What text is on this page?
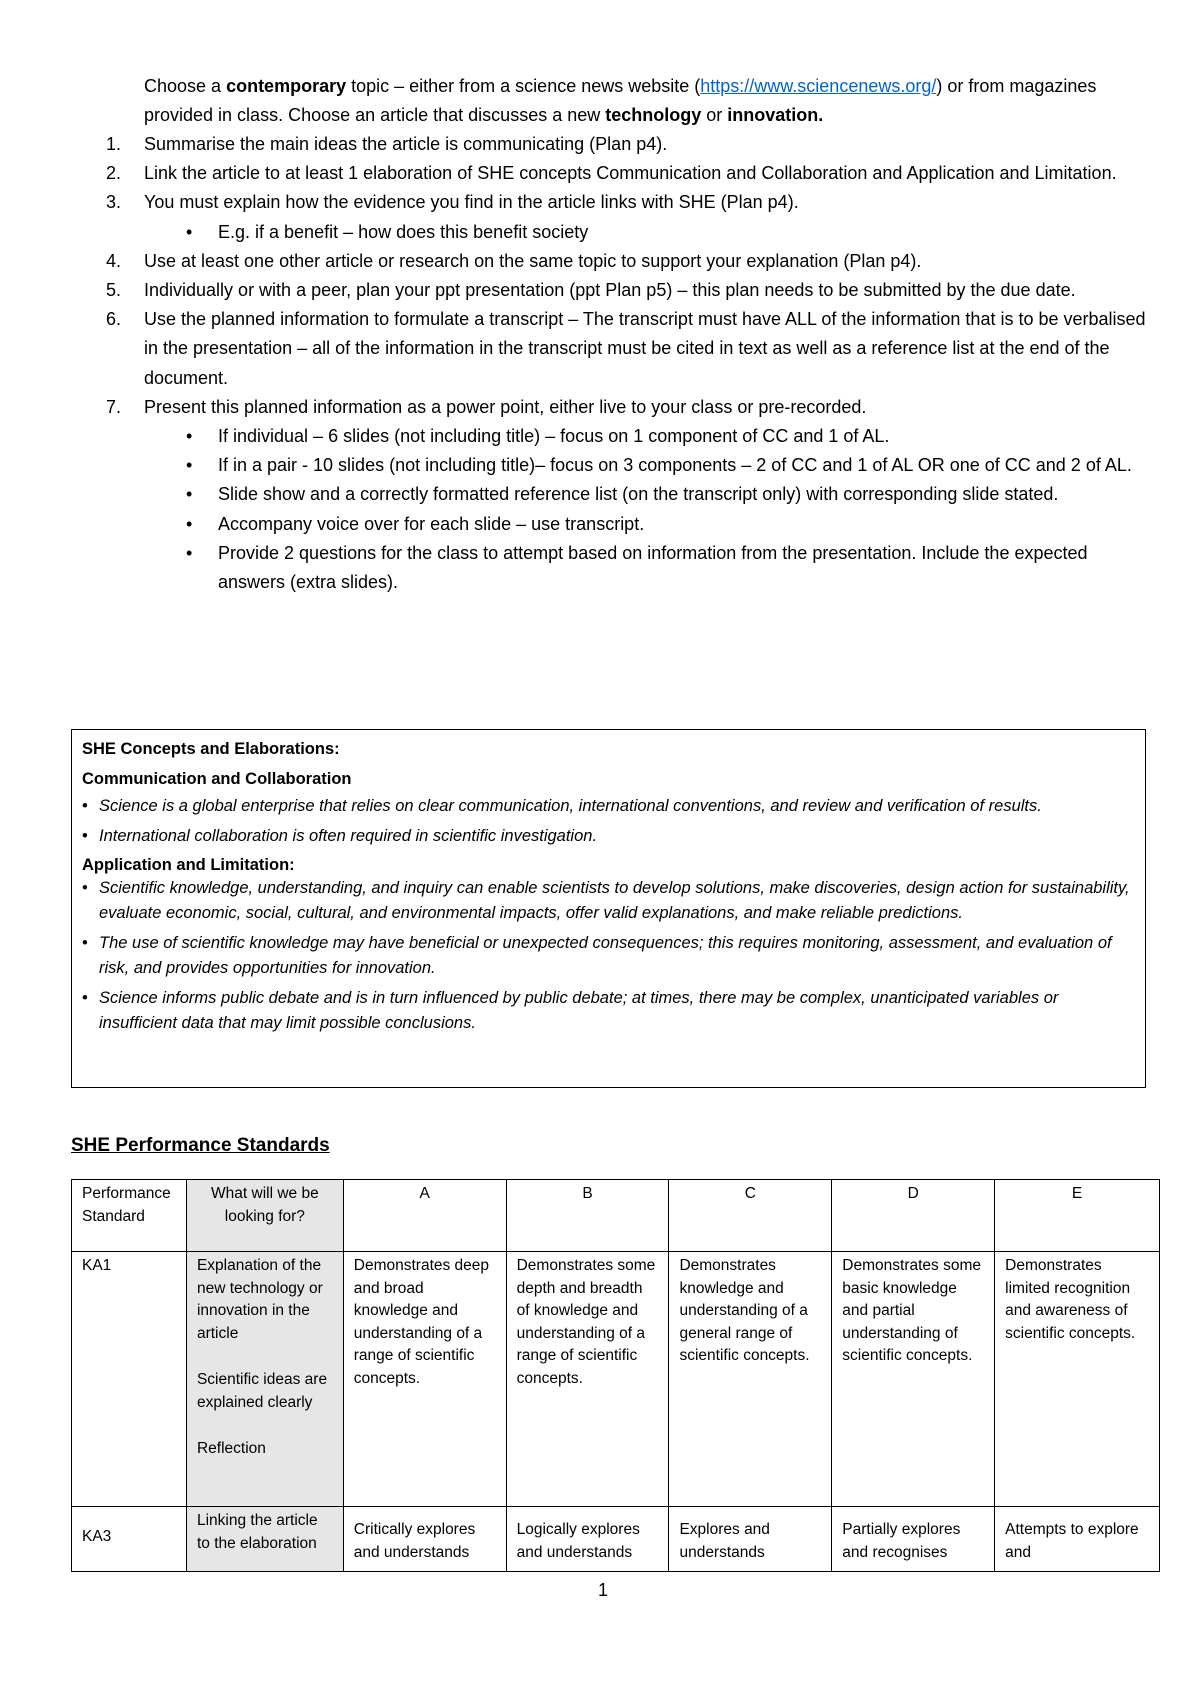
Choose a contemporary topic – either from a science news website (https://www.sciencenews.org/) or from magazines provided in class. Choose an article that discusses a new technology or innovation.
1.	Summarise the main ideas the article is communicating (Plan p4).
2.	Link the article to at least 1 elaboration of SHE concepts Communication and Collaboration and Application and Limitation.
3.	You must explain how the evidence you find in the article links with SHE (Plan p4).
• E.g. if a benefit – how does this benefit society
4.	Use at least one other article or research on the same topic to support your explanation (Plan p4).
5.	Individually or with a peer, plan your ppt presentation (ppt Plan p5) – this plan needs to be submitted by the due date.
6.	Use the planned information to formulate a transcript – The transcript must have ALL of the information that is to be verbalised in the presentation – all of the information in the transcript must be cited in text as well as a reference list at the end of the document.
7.	Present this planned information as a power point, either live to your class or pre-recorded.
• If individual – 6 slides (not including title) – focus on 1 component of CC and 1 of AL.
• If in a pair - 10 slides (not including title)– focus on 3 components – 2 of CC and 1 of AL OR one of CC and 2 of AL.
• Slide show and a correctly formatted reference list (on the transcript only) with corresponding slide stated.
• Accompany voice over for each slide – use transcript.
• Provide 2 questions for the class to attempt based on information from the presentation. Include the expected answers (extra slides).
SHE Concepts and Elaborations:
Communication and Collaboration
• Science is a global enterprise that relies on clear communication, international conventions, and review and verification of results.
• International collaboration is often required in scientific investigation.
Application and Limitation:
• Scientific knowledge, understanding, and inquiry can enable scientists to develop solutions, make discoveries, design action for sustainability, evaluate economic, social, cultural, and environmental impacts, offer valid explanations, and make reliable predictions.
• The use of scientific knowledge may have beneficial or unexpected consequences; this requires monitoring, assessment, and evaluation of risk, and provides opportunities for innovation.
• Science informs public debate and is in turn influenced by public debate; at times, there may be complex, unanticipated variables or insufficient data that may limit possible conclusions.
SHE Performance Standards
Performance Standard	What will we be looking for?	A	B	C	D	E
KA1	Explanation of the new technology or innovation in the article
Scientific ideas are explained clearly
Reflection	Demonstrates deep and broad knowledge and understanding of a range of scientific concepts.	Demonstrates some depth and breadth of knowledge and understanding of a range of scientific concepts.	Demonstrates knowledge and understanding of a general range of scientific concepts.	Demonstrates some basic knowledge and partial understanding of scientific concepts.	Demonstrates limited recognition and awareness of scientific concepts.
KA3	Linking the article to the elaboration	Critically explores and understands	Logically explores and understands	Explores and understands	Partially explores and recognises	Attempts to explore and
1
